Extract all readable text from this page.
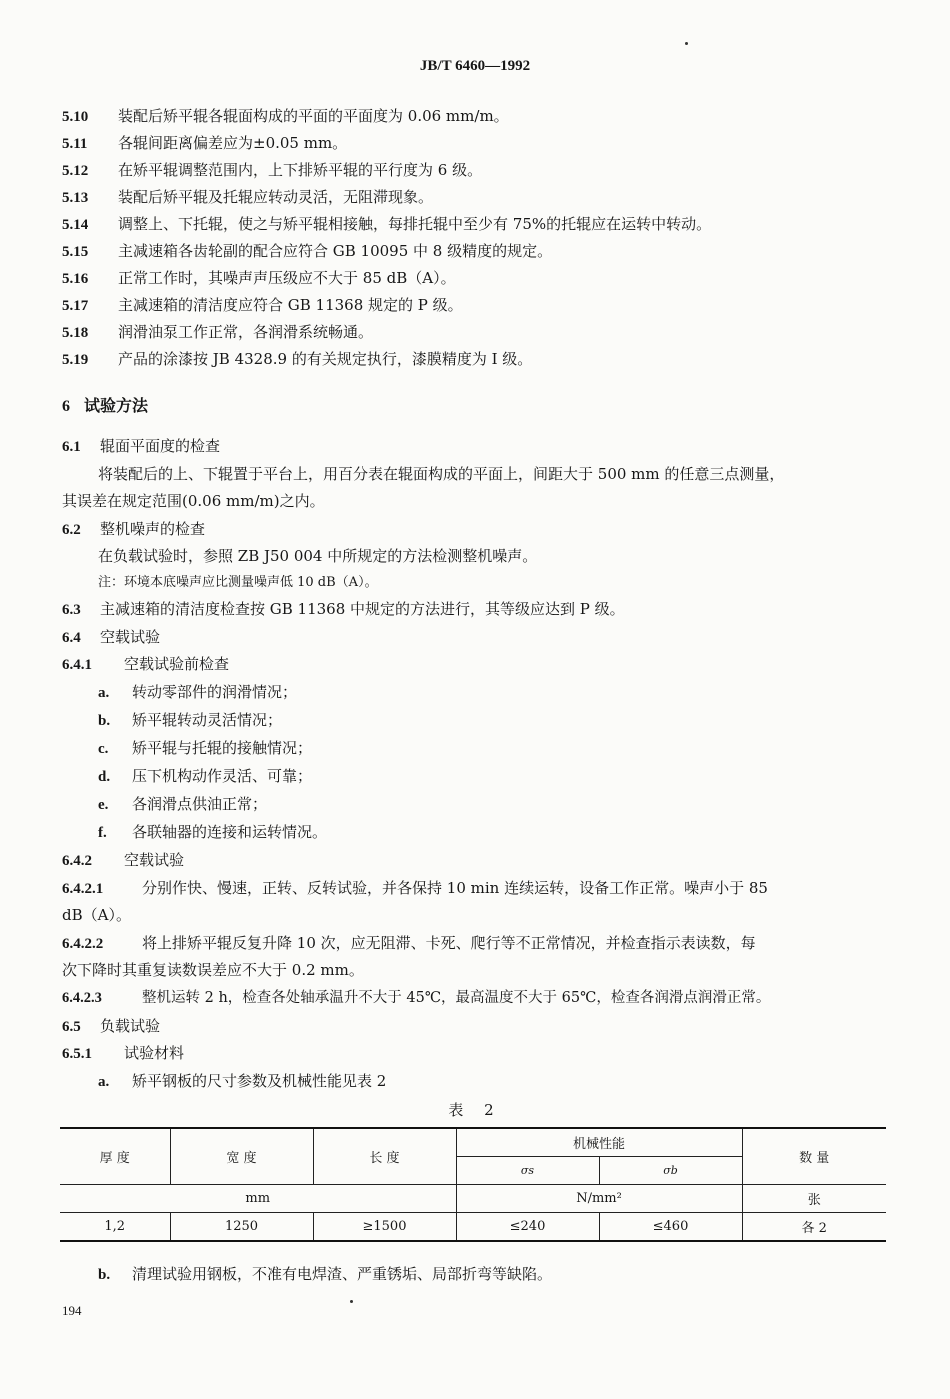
JB/T 6460—1992
5.10 装配后矫平辊各辊面构成的平面的平面度为 0.06 mm/m。
5.11 各辊间距离偏差应为±0.05 mm。
5.12 在矫平辊调整范围内，上下排矫平辊的平行度为 6 级。
5.13 装配后矫平辊及托辊应转动灵活，无阻滞现象。
5.14 调整上、下托辊，使之与矫平辊相接触，每排托辊中至少有 75%的托辊应在运转中转动。
5.15 主减速箱各齿轮副的配合应符合 GB 10095 中 8 级精度的规定。
5.16 正常工作时，其噪声声压级应不大于 85 dB（A）。
5.17 主减速箱的清洁度应符合 GB 11368 规定的 P 级。
5.18 润滑油泵工作正常，各润滑系统畅通。
5.19 产品的涂漆按 JB 4328.9 的有关规定执行，漆膜精度为 I 级。
6 试验方法
6.1 辊面平面度的检查
将装配后的上、下辊置于平台上，用百分表在辊面构成的平面上，间距大于 500 mm 的任意三点测量，
其误差在规定范围(0.06 mm/m)之内。
6.2 整机噪声的检查
在负载试验时，参照 ZB J50 004 中所规定的方法检测整机噪声。
注：环境本底噪声应比测量噪声低 10 dB（A）。
6.3 主减速箱的清洁度检查按 GB 11368 中规定的方法进行，其等级应达到 P 级。
6.4 空载试验
6.4.1 空载试验前检查
a. 转动零部件的润滑情况；
b. 矫平辊转动灵活情况；
c. 矫平辊与托辊的接触情况；
d. 压下机构动作灵活、可靠；
e. 各润滑点供油正常；
f. 各联轴器的连接和运转情况。
6.4.2 空载试验
6.4.2.1	分别作快、慢速，正转、反转试验，并各保持 10 min 连续运转，设备工作正常。噪声小于 85
dB（A）。
6.4.2.2	将上排矫平辊反复升降 10 次，应无阻滞、卡死、爬行等不正常情况，并检查指示表读数，每
次下降时其重复读数误差应不大于 0.2 mm。
6.4.2.3	整机运转 2 h，检查各处轴承温升不大于 45℃，最高温度不大于 65℃，检查各润滑点润滑正常。
6.5 负载试验
6.5.1 试验材料
a. 矫平钢板的尺寸参数及机械性能见表 2
表 2
厚 度	宽 度	长 度	机械性能		数 量
			σs	σb	
mm			N/mm²		张
1,2	1250	≥1500	≤240	≤460	各 2
b. 清理试验用钢板，不准有电焊渣、严重锈垢、局部折弯等缺陷。
194
